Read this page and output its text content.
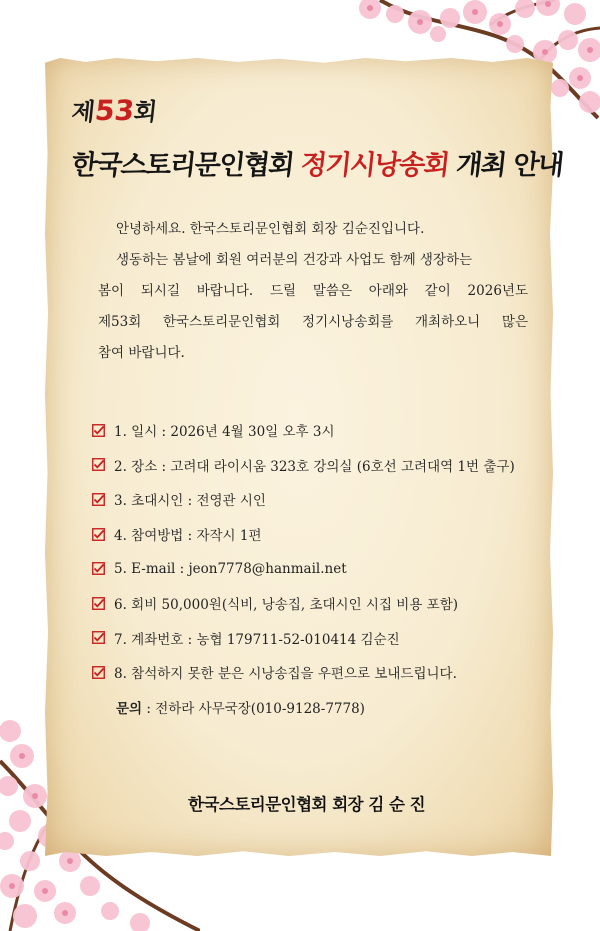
제53회
한국스토리문인협회 정기시낭송회 개최 안내

안녕하세요. 한국스토리문인협회 회장 김순진입니다.

생동하는 봄날에 회원 여러분의 건강과 사업도 함께 생장하는

봄이 되시길 바랍니다. 드릴 말씀은 아래와 같이 2026년도

제53회 한국스토리문인협회 정기시낭송회를 개최하오니 많은

참여 바랍니다.

1. 일시 : 2026년 4월 30일 오후 3시
2. 장소 : 고려대 라이시움 323호 강의실 (6호선 고려대역 1번 출구)
3. 초대시인 : 전영관 시인
4. 참여방법 : 자작시 1편
5. E-mail : jeon7778@hanmail.net
6. 회비 50,000원(식비, 낭송집, 초대시인 시집 비용 포함)
7. 계좌번호 : 농협 179711-52-010414 김순진
8. 참석하지 못한 분은 시낭송집을 우편으로 보내드립니다.
문의 : 전하라 사무국장(010-9128-7778)
한국스토리문인협회 회장 김 순 진
